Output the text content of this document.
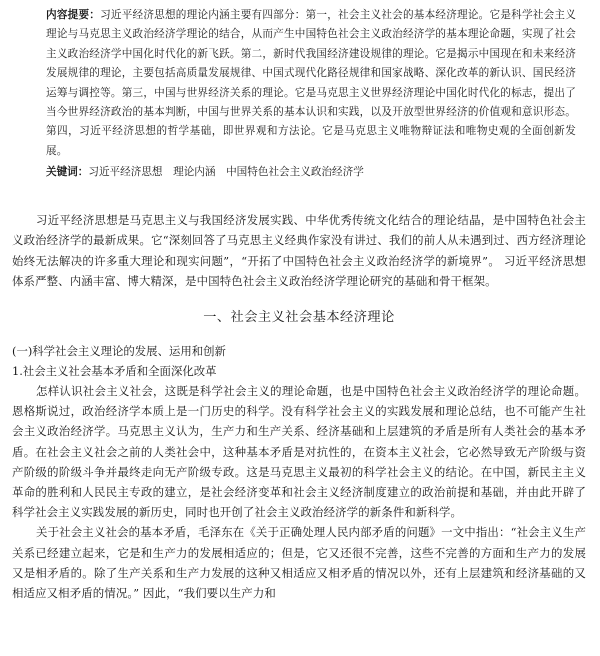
内容提要：习近平经济思想的理论内涵主要有四部分：第一，社会主义社会的基本经济理论。它是科学社会主义理论与马克思主义政治经济学理论的结合，从而产生中国特色社会主义政治经济学的基本理论命题，实现了社会主义政治经济学中国化时代化的新飞跃。第二，新时代我国经济建设规律的理论。它是揭示中国现在和未来经济发展规律的理论，主要包括高质量发展规律、中国式现代化路径规律和国家战略、深化改革的新认识、国民经济运筹与调控等。第三，中国与世界经济关系的理论。它是马克思主义世界经济理论中国化时代化的标志，提出了当今世界经济政治的基本判断，中国与世界关系的基本认识和实践，以及开放型世界经济的价值观和意识形态。第四，习近平经济思想的哲学基础，即世界观和方法论。它是马克思主义唯物辩证法和唯物史观的全面创新发展。
关键词：习近平经济思想　理论内涵　中国特色社会主义政治经济学

习近平经济思想是马克思主义与我国经济发展实践、中华优秀传统文化结合的理论结晶，是中国特色社会主义政治经济学的最新成果。它“深刻回答了马克思主义经典作家没有讲过、我们的前人从未遇到过、西方经济理论始终无法解决的许多重大理论和现实问题”，“开拓了中国特色社会主义政治经济学的新境界”。 习近平经济思想体系严整、内涵丰富、博大精深，是中国特色社会主义政治经济学理论研究的基础和骨干框架。

一、社会主义社会基本经济理论

(一)科学社会主义理论的发展、运用和创新

1.社会主义社会基本矛盾和全面深化改革

怎样认识社会主义社会，这既是科学社会主义的理论命题，也是中国特色社会主义政治经济学的理论命题。恩格斯说过，政治经济学本质上是一门历史的科学。没有科学社会主义的实践发展和理论总结，也不可能产生社会主义政治经济学。马克思主义认为，生产力和生产关系、经济基础和上层建筑的矛盾是所有人类社会的基本矛盾。在社会主义社会之前的人类社会中，这种基本矛盾是对抗性的，在资本主义社会，它必然导致无产阶级与资产阶级的阶级斗争并最终走向无产阶级专政。这是马克思主义最初的科学社会主义的结论。在中国，新民主主义革命的胜利和人民民主专政的建立，是社会经济变革和社会主义经济制度建立的政治前提和基础，并由此开辟了科学社会主义实践发展的新历史，同时也开创了社会主义政治经济学的新条件和新科学。

关于社会主义社会的基本矛盾，毛泽东在《关于正确处理人民内部矛盾的问题》一文中指出：“社会主义生产关系已经建立起来，它是和生产力的发展相适应的；但是，它又还很不完善，这些不完善的方面和生产力的发展又是相矛盾的。除了生产关系和生产力发展的这种又相适应又相矛盾的情况以外，还有上层建筑和经济基础的又相适应又相矛盾的情况。” 因此，“我们要以生产力和
